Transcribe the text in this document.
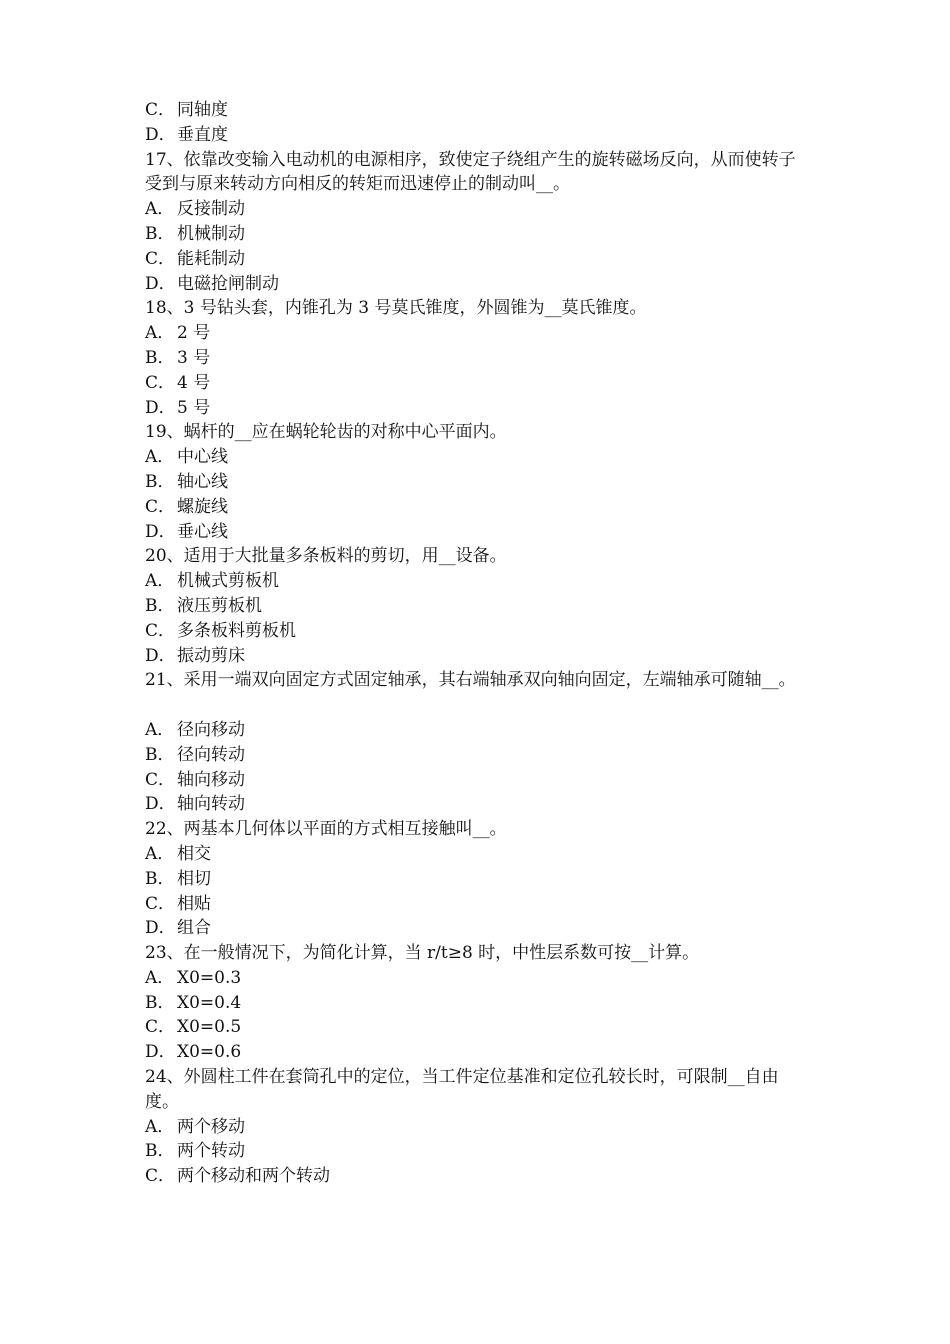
C． 同轴度
D．垂直度
17、依靠改变输入电动机的电源相序，致使定子绕组产生的旋转磁场反向，从而使转子受到与原来转动方向相反的转矩而迅速停止的制动叫__。
A． 反接制动
B． 机械制动
C． 能耗制动
D．电磁抢闸制动
18、3 号钻头套，内锥孔为 3 号莫氏锥度，外圆锥为__莫氏锥度。
A． 2 号
B． 3 号
C． 4 号
D．5 号
19、蜗杆的__应在蜗轮轮齿的对称中心平面内。
A． 中心线
B． 轴心线
C． 螺旋线
D．垂心线
20、适用于大批量多条板料的剪切，用__设备。
A． 机械式剪板机
B． 液压剪板机
C． 多条板料剪板机
D．振动剪床
21、采用一端双向固定方式固定轴承，其右端轴承双向轴向固定，左端轴承可随轴__。
A． 径向移动
B． 径向转动
C． 轴向移动
D．轴向转动
22、两基本几何体以平面的方式相互接触叫__。
A． 相交
B． 相切
C． 相贴
D．组合
23、在一般情况下，为简化计算，当 r/t≥8 时，中性层系数可按__计算。
A． X0=0.3
B． X0=0.4
C． X0=0.5
D．X0=0.6
24、外圆柱工件在套筒孔中的定位，当工件定位基准和定位孔较长时，可限制__自由度。
A． 两个移动
B． 两个转动
C． 两个移动和两个转动
